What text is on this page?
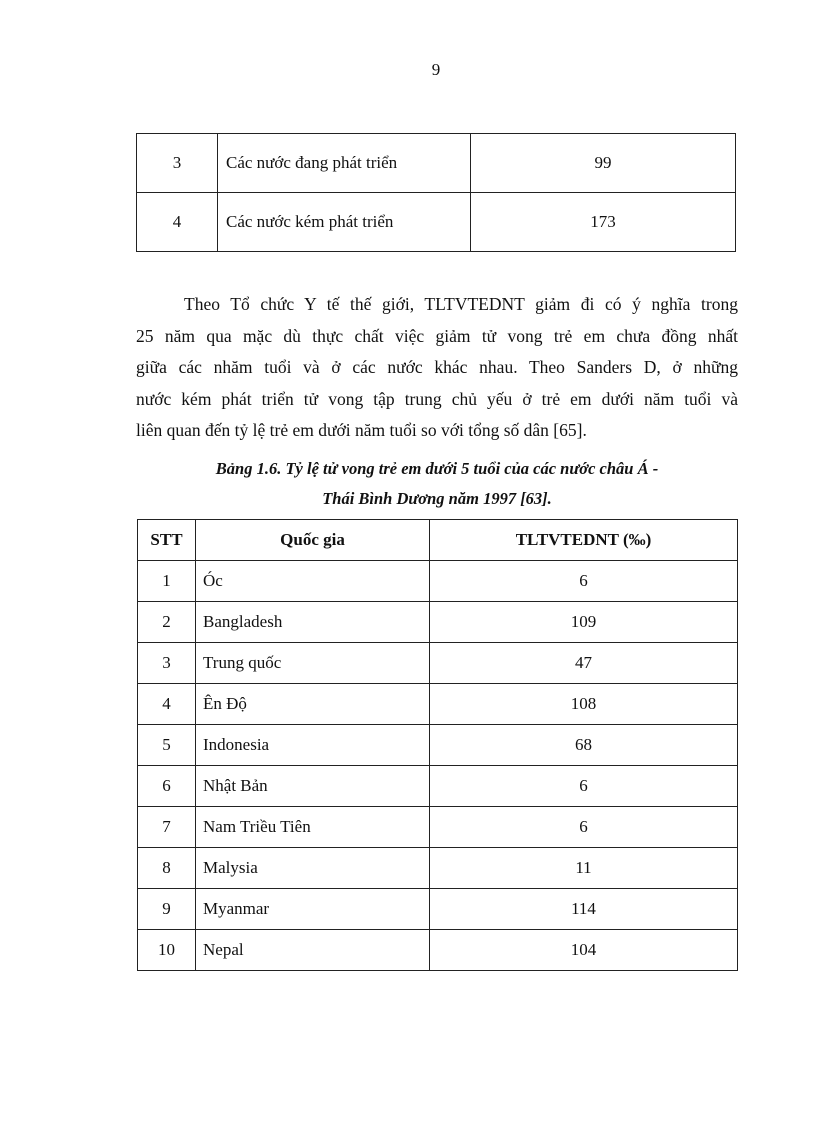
9
3	Các nước đang phát triển	99
4	Các nước kém phát triển	173

Theo Tổ chức Y tế thế giới, TLTVTEDNT giảm đi có ý nghĩa trong
25 năm qua mặc dù thực chất việc giảm tử vong trẻ em chưa đồng nhất
giữa các nhăm tuổi và ở các nước khác nhau. Theo Sanders D, ở những
nước kém phát triển tử vong tập trung chủ yếu ở trẻ em dưới năm tuổi và
liên quan đến tỷ lệ trẻ em dưới năm tuổi so với tổng số dân [65].

Bảng 1.6. Tỷ lệ tử vong trẻ em dưới 5 tuổi của các nước châu Á -
Thái Bình Dương năm 1997 [63].

STT	Quốc gia	TLTVTEDNT (‰)
1	Óc	6
2	Bangladesh	109
3	Trung quốc	47
4	Ên Độ	108
5	Indonesia	68
6	Nhật Bản	6
7	Nam Triều Tiên	6
8	Malysia	11
9	Myanmar	114
10	Nepal	104
